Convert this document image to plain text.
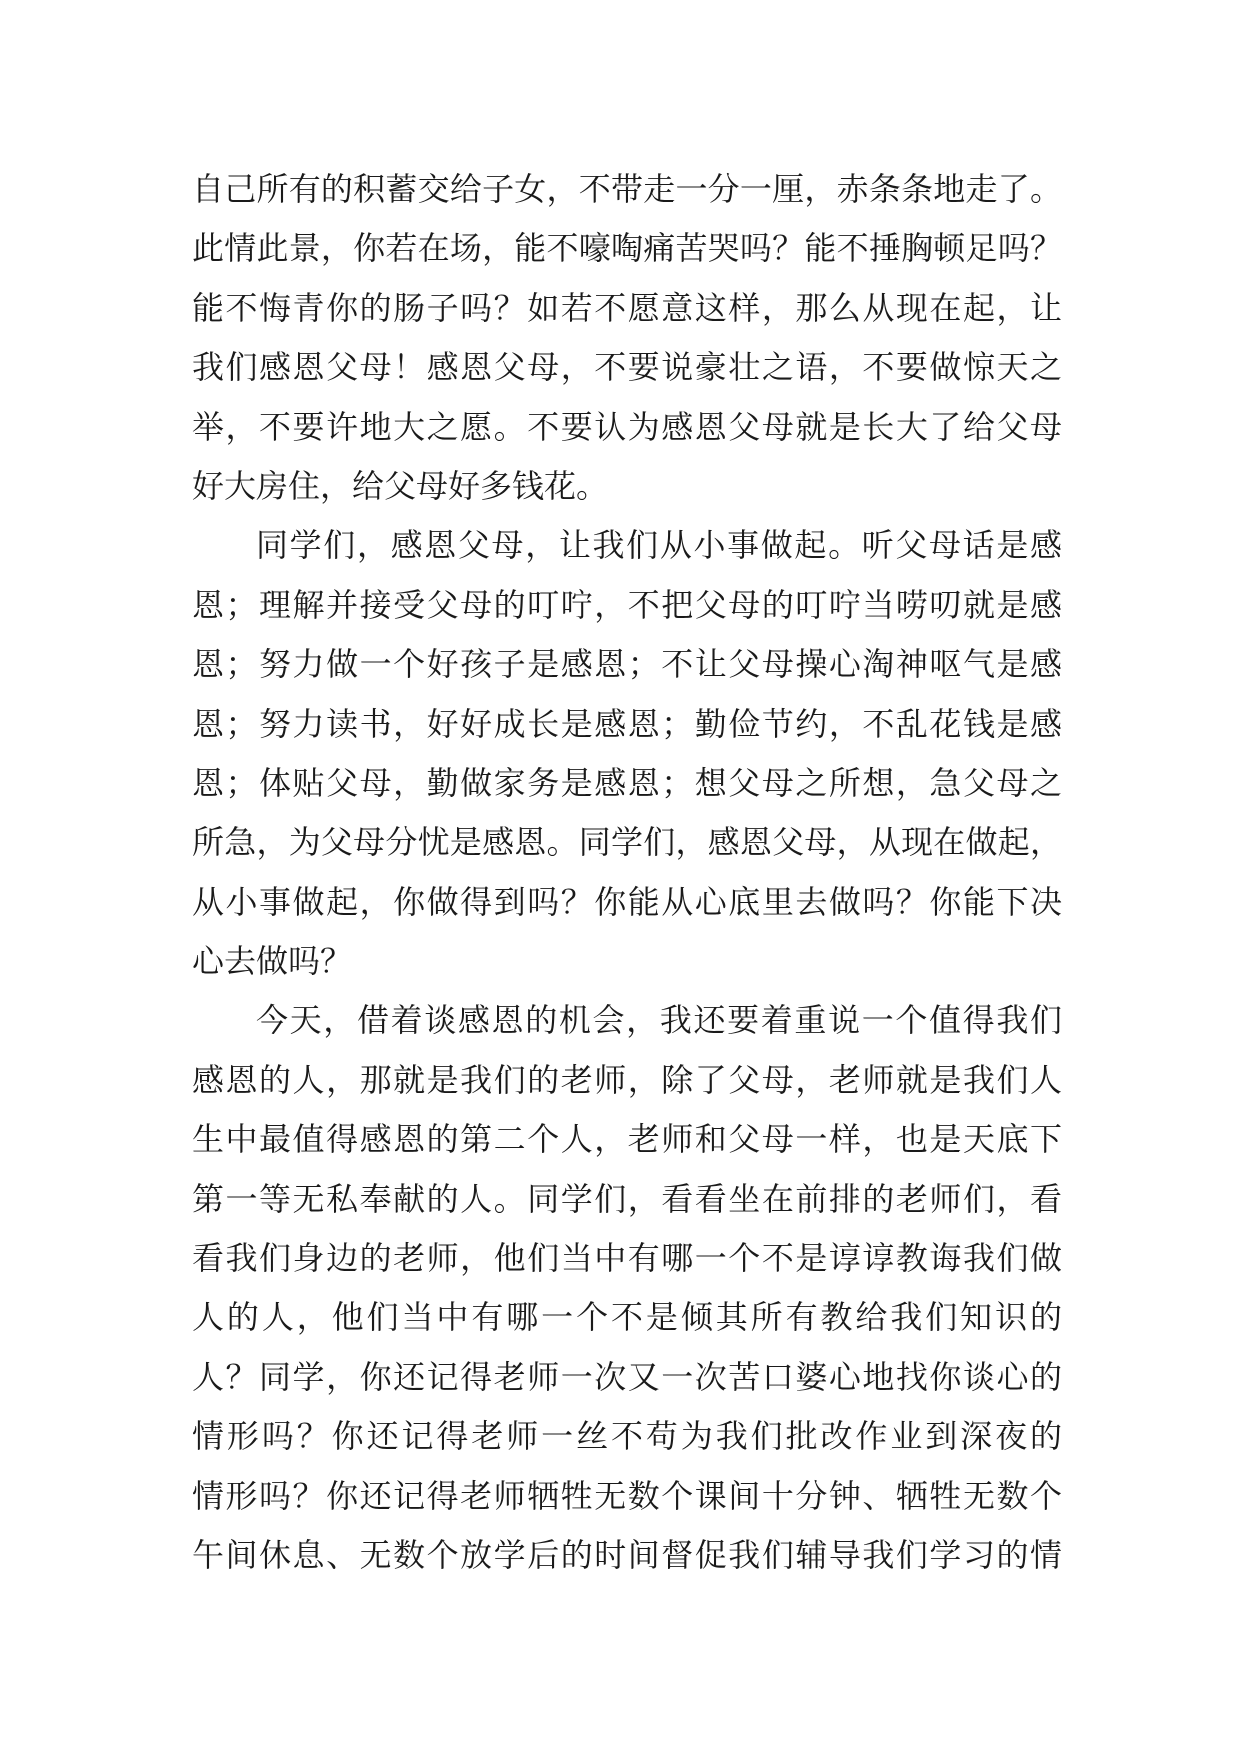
自己所有的积蓄交给子女，不带走一分一厘，赤条条地走了。
此情此景，你若在场，能不嚎啕痛苦哭吗？能不捶胸顿足吗？
能不悔青你的肠子吗？如若不愿意这样，那么从现在起，让
我们感恩父母！感恩父母，不要说豪壮之语，不要做惊天之
举，不要许地大之愿。不要认为感恩父母就是长大了给父母
好大房住，给父母好多钱花。
同学们，感恩父母，让我们从小事做起。听父母话是感
恩；理解并接受父母的叮咛，不把父母的叮咛当唠叨就是感
恩；努力做一个好孩子是感恩；不让父母操心淘神呕气是感
恩；努力读书，好好成长是感恩；勤俭节约，不乱花钱是感
恩；体贴父母，勤做家务是感恩；想父母之所想，急父母之
所急，为父母分忧是感恩。同学们，感恩父母，从现在做起，
从小事做起，你做得到吗？你能从心底里去做吗？你能下决
心去做吗？
今天，借着谈感恩的机会，我还要着重说一个值得我们
感恩的人，那就是我们的老师，除了父母，老师就是我们人
生中最值得感恩的第二个人，老师和父母一样，也是天底下
第一等无私奉献的人。同学们，看看坐在前排的老师们，看
看我们身边的老师，他们当中有哪一个不是谆谆教诲我们做
人的人，他们当中有哪一个不是倾其所有教给我们知识的
人？同学，你还记得老师一次又一次苦口婆心地找你谈心的
情形吗？你还记得老师一丝不苟为我们批改作业到深夜的
情形吗？你还记得老师牺牲无数个课间十分钟、牺牲无数个
午间休息、无数个放学后的时间督促我们辅导我们学习的情
